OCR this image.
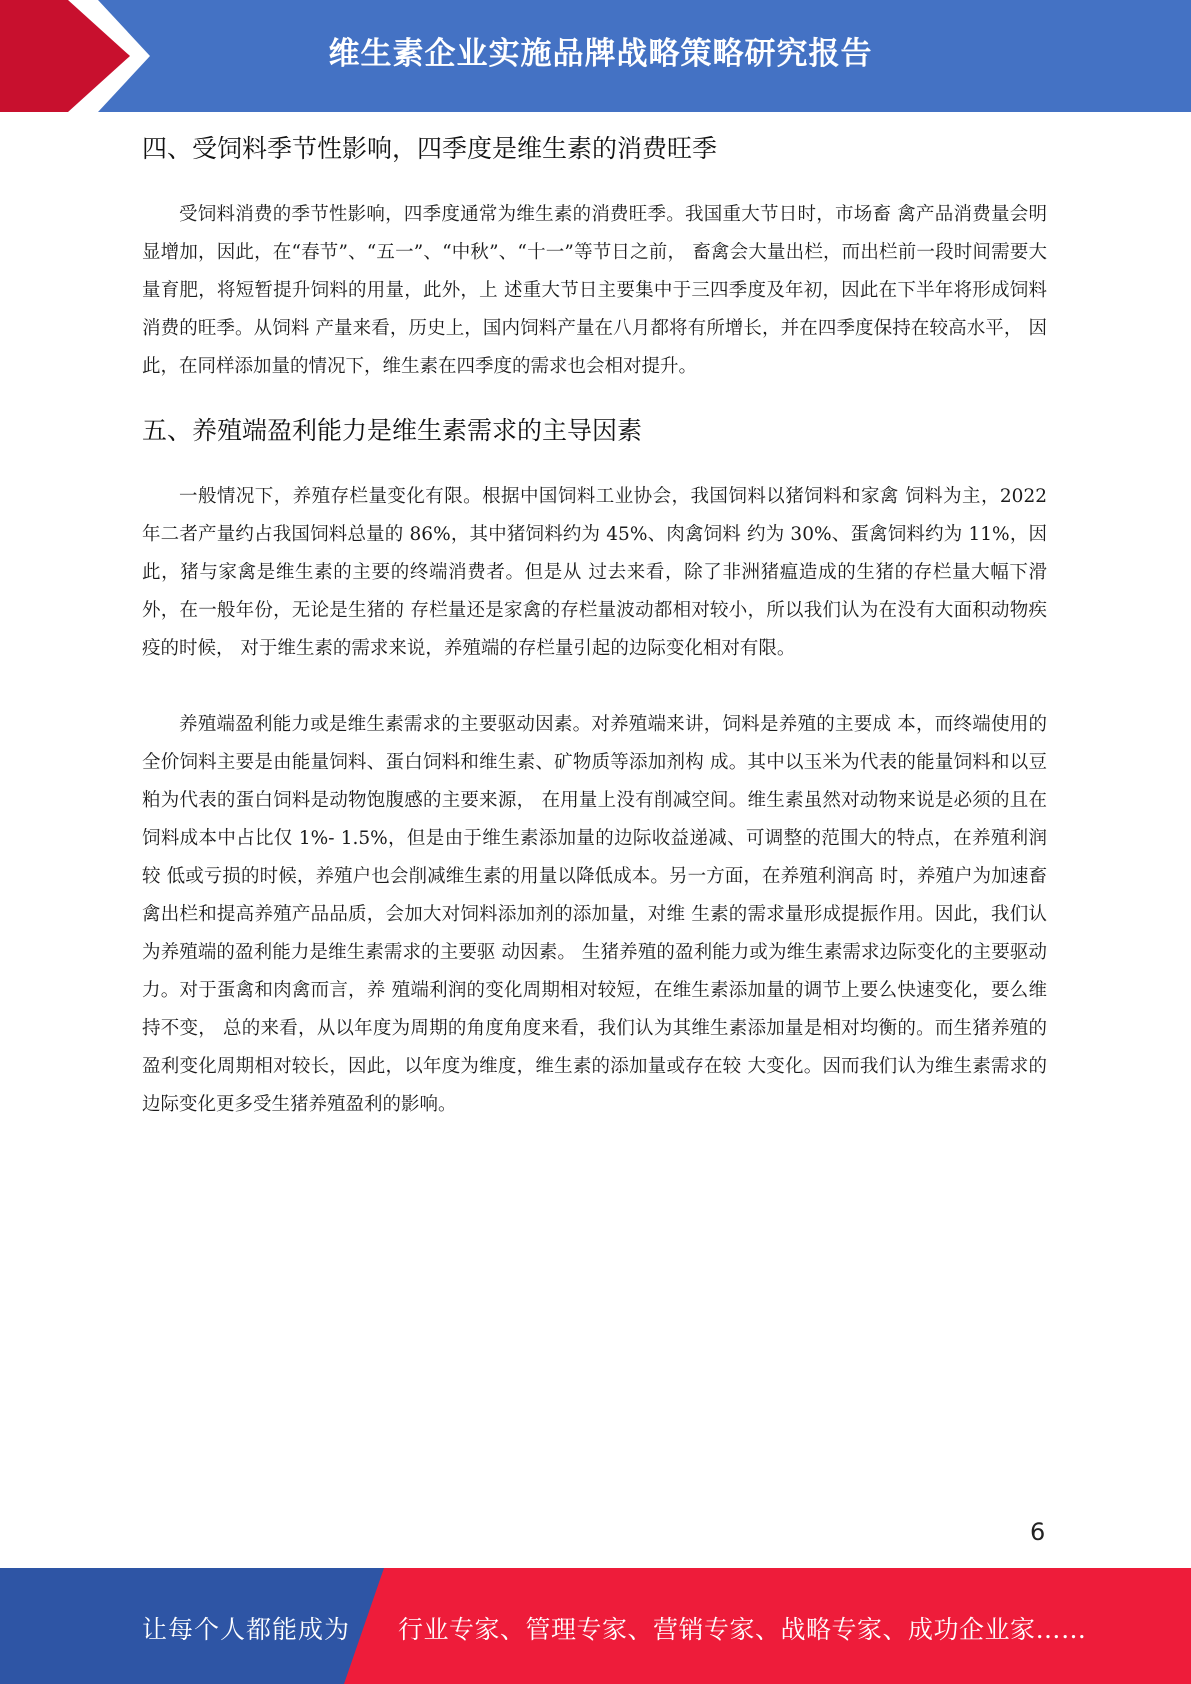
维生素企业实施品牌战略策略研究报告
四、受饲料季节性影响，四季度是维生素的消费旺季

受饲料消费的季节性影响，四季度通常为维生素的消费旺季。我国重大节日时，市场畜 禽产品消费量会明显增加，因此，在“春节”、“五一”、“中秋”、“十一”等节日之前， 畜禽会大量出栏，而出栏前一段时间需要大量育肥，将短暂提升饲料的用量，此外，上 述重大节日主要集中于三四季度及年初，因此在下半年将形成饲料消费的旺季。从饲料 产量来看，历史上，国内饲料产量在八月都将有所增长，并在四季度保持在较高水平， 因此，在同样添加量的情况下，维生素在四季度的需求也会相对提升。

五、养殖端盈利能力是维生素需求的主导因素

一般情况下，养殖存栏量变化有限。根据中国饲料工业协会，我国饲料以猪饲料和家禽 饲料为主，2022 年二者产量约占我国饲料总量的 86%，其中猪饲料约为 45%、肉禽饲料 约为 30%、蛋禽饲料约为 11%，因此，猪与家禽是维生素的主要的终端消费者。但是从 过去来看，除了非洲猪瘟造成的生猪的存栏量大幅下滑外，在一般年份，无论是生猪的 存栏量还是家禽的存栏量波动都相对较小，所以我们认为在没有大面积动物疾疫的时候， 对于维生素的需求来说，养殖端的存栏量引起的边际变化相对有限。

养殖端盈利能力或是维生素需求的主要驱动因素。对养殖端来讲，饲料是养殖的主要成 本，而终端使用的全价饲料主要是由能量饲料、蛋白饲料和维生素、矿物质等添加剂构 成。其中以玉米为代表的能量饲料和以豆粕为代表的蛋白饲料是动物饱腹感的主要来源， 在用量上没有削减空间。维生素虽然对动物来说是必须的且在饲料成本中占比仅 1%- 1.5%，但是由于维生素添加量的边际收益递减、可调整的范围大的特点，在养殖利润较 低或亏损的时候，养殖户也会削减维生素的用量以降低成本。另一方面，在养殖利润高 时，养殖户为加速畜禽出栏和提高养殖产品品质，会加大对饲料添加剂的添加量，对维 生素的需求量形成提振作用。因此，我们认为养殖端的盈利能力是维生素需求的主要驱 动因素。 生猪养殖的盈利能力或为维生素需求边际变化的主要驱动力。对于蛋禽和肉禽而言，养 殖端利润的变化周期相对较短，在维生素添加量的调节上要么快速变化，要么维持不变， 总的来看，从以年度为周期的角度角度来看，我们认为其维生素添加量是相对均衡的。而生猪养殖的盈利变化周期相对较长，因此，以年度为维度，维生素的添加量或存在较 大变化。因而我们认为维生素需求的边际变化更多受生猪养殖盈利的影响。

6
让每个人都能成为 行业专家、管理专家、营销专家、战略专家、成功企业家……
